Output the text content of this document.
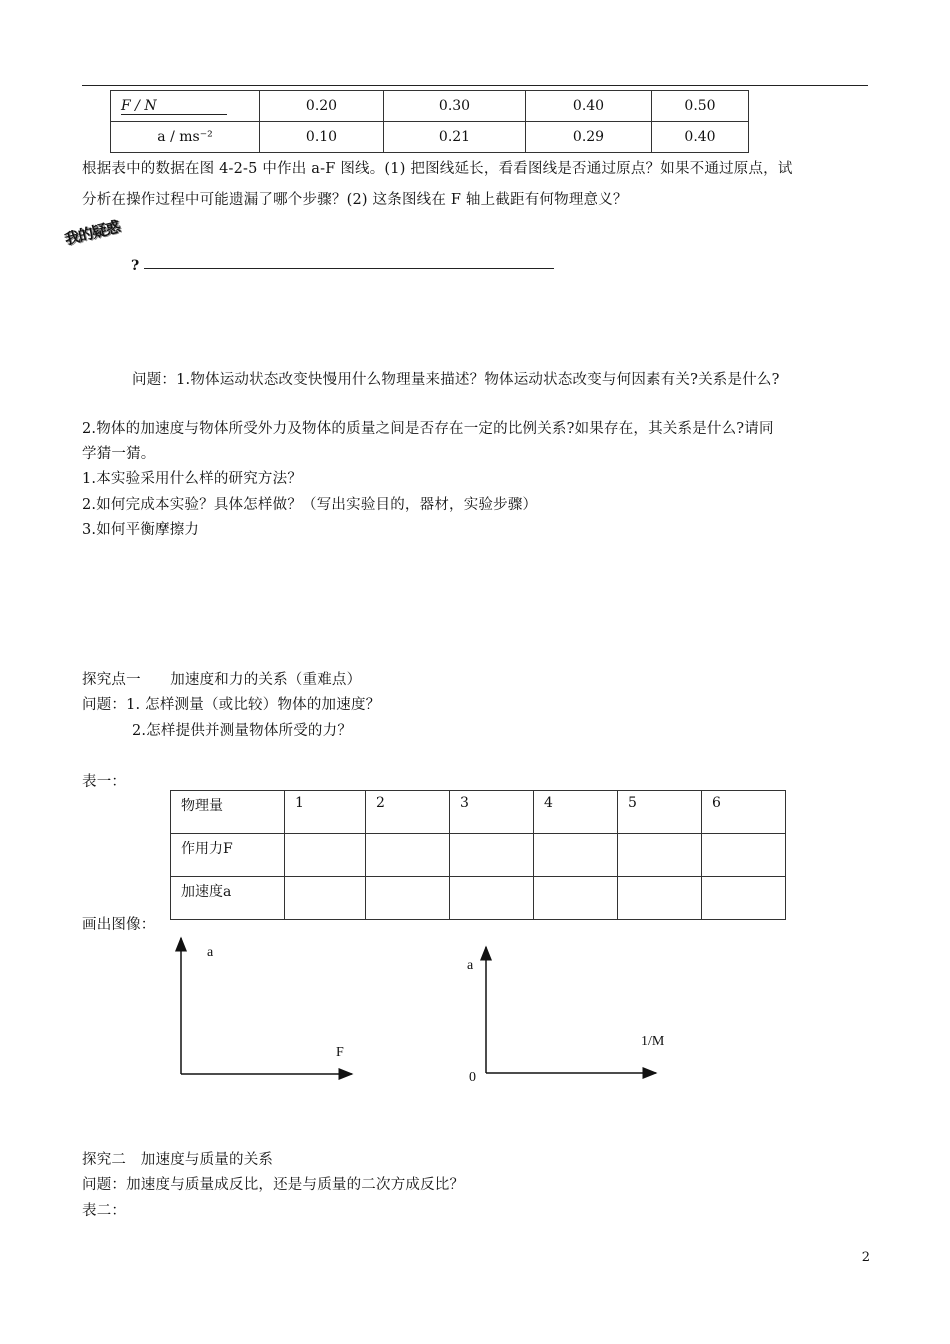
F / N	0.20	0.30	0.40	0.50
a / ms⁻²	0.10	0.21	0.29	0.40
根据表中的数据在图 4-2-5 中作出 a-F 图线。(1) 把图线延长，看看图线是否通过原点？如果不通过原点，试
分析在操作过程中可能遗漏了哪个步骤？(2) 这条图线在 F 轴上截距有何物理意义？
我的疑惑
?
问题：1.物体运动状态改变快慢用什么物理量来描述？物体运动状态改变与何因素有关?关系是什么?
2.物体的加速度与物体所受外力及物体的质量之间是否存在一定的比例关系?如果存在，其关系是什么?请同
学猜一猜。
1.本实验采用什么样的研究方法？
2.如何完成本实验？具体怎样做？（写出实验目的，器材，实验步骤）
3.如何平衡摩擦力
探究点一　　加速度和力的关系（重难点）
问题：1. 怎样测量（或比较）物体的加速度？
2.怎样提供并测量物体所受的力？
表一：
物理量	1	2	3	4	5	6
作用力F						
加速度a						
画出图像：
a
F
a
1/M
0
探究二　加速度与质量的关系
问题：加速度与质量成反比，还是与质量的二次方成反比？
表二：
2
